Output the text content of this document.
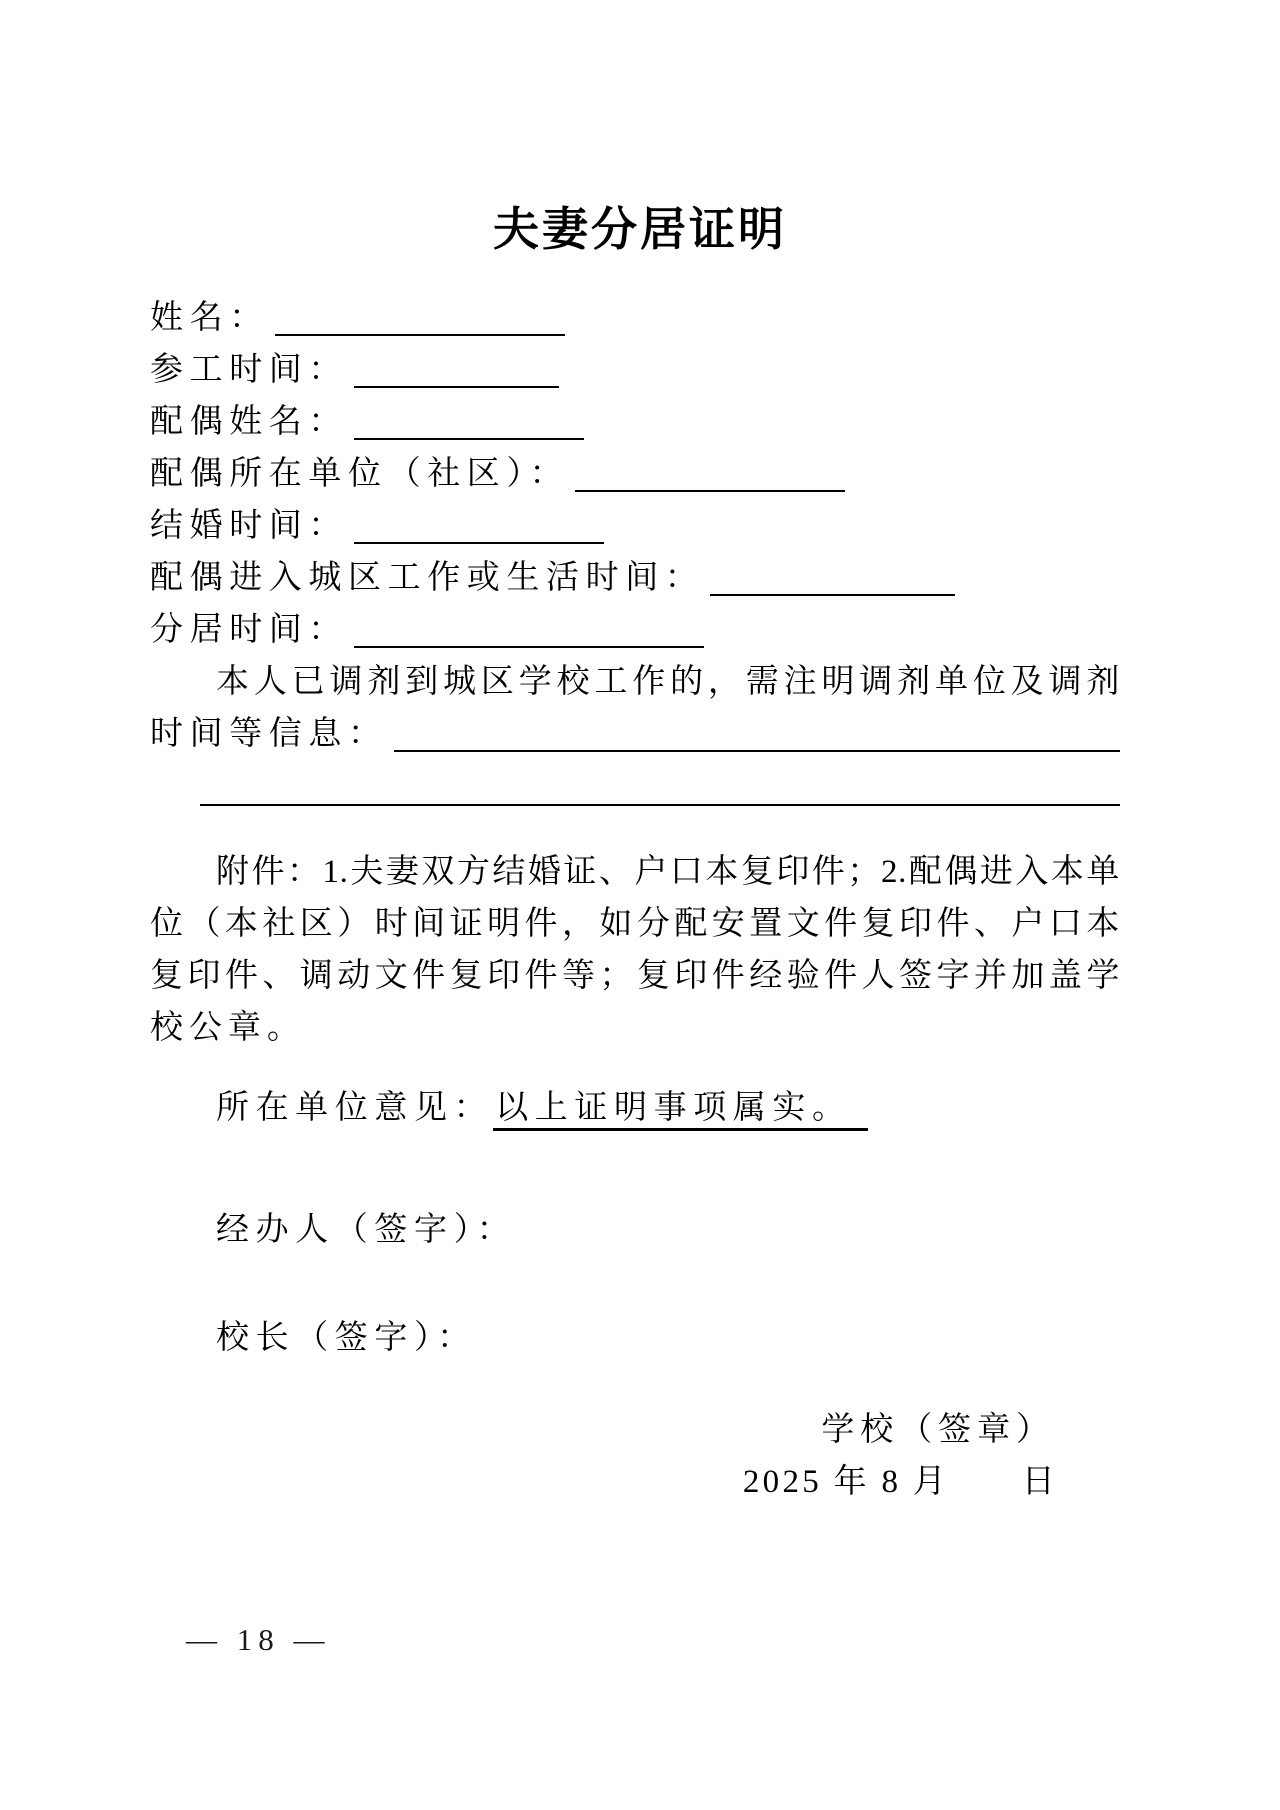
夫妻分居证明
姓名：
参工时间：
配偶姓名：
配偶所在单位（社区）：
结婚时间：
配偶进入城区工作或生活时间：
分居时间：
本人已调剂到城区学校工作的，需注明调剂单位及调剂
时间等信息：
附件：1.夫妻双方结婚证、户口本复印件；2.配偶进入本单
位（本社区）时间证明件，如分配安置文件复印件、户口本
复印件、调动文件复印件等；复印件经验件人签字并加盖学
校公章。
所在单位意见：以上证明事项属实。
经办人（签字）：
校长（签字）：
学校（签章）
2025 年 8 月　　日
— 18 —
